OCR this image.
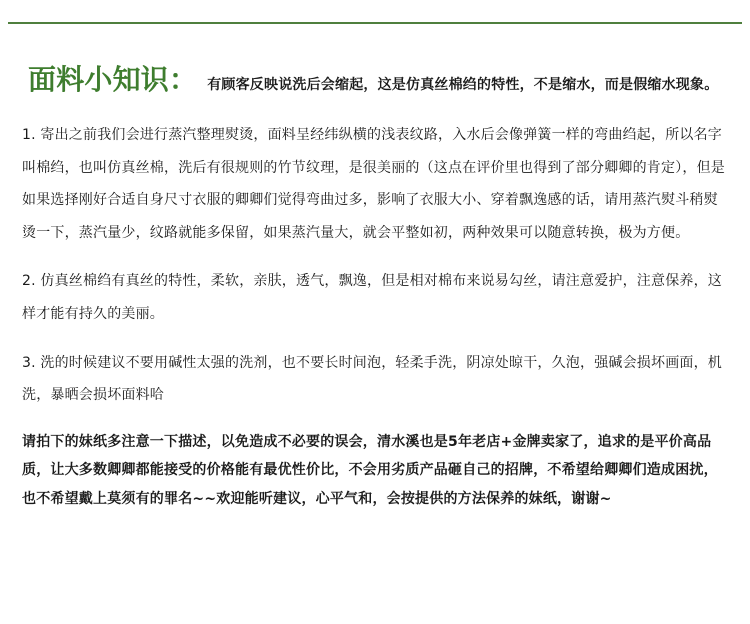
面料小知识： 有顾客反映说洗后会缩起，这是仿真丝棉绉的特性，不是缩水，而是假缩水现象。

1. 寄出之前我们会进行蒸汽整理熨烫，面料呈经纬纵横的浅表纹路，入水后会像弹簧一样的弯曲绉起，所以名字叫棉绉，也叫仿真丝棉，洗后有很规则的竹节纹理，是很美丽的（这点在评价里也得到了部分卿卿的肯定），但是如果选择刚好合适自身尺寸衣服的卿卿们觉得弯曲过多，影响了衣服大小、穿着飘逸感的话，请用蒸汽熨斗稍熨烫一下，蒸汽量少，纹路就能多保留，如果蒸汽量大，就会平整如初，两种效果可以随意转换，极为方便。

2. 仿真丝棉绉有真丝的特性，柔软，亲肤，透气，飘逸，但是相对棉布来说易勾丝，请注意爱护，注意保养，这样才能有持久的美丽。

3. 洗的时候建议不要用碱性太强的洗剂，也不要长时间泡，轻柔手洗，阴凉处晾干，久泡，强碱会损坏画面，机洗，暴晒会损坏面料哈

请拍下的妹纸多注意一下描述，以免造成不必要的误会，清水溪也是5年老店+金牌卖家了，追求的是平价高品质，让大多数卿卿都能接受的价格能有最优性价比，不会用劣质产品砸自己的招牌，不希望给卿卿们造成困扰，也不希望戴上莫须有的罪名~~欢迎能听建议，心平气和，会按提供的方法保养的妹纸，谢谢~
